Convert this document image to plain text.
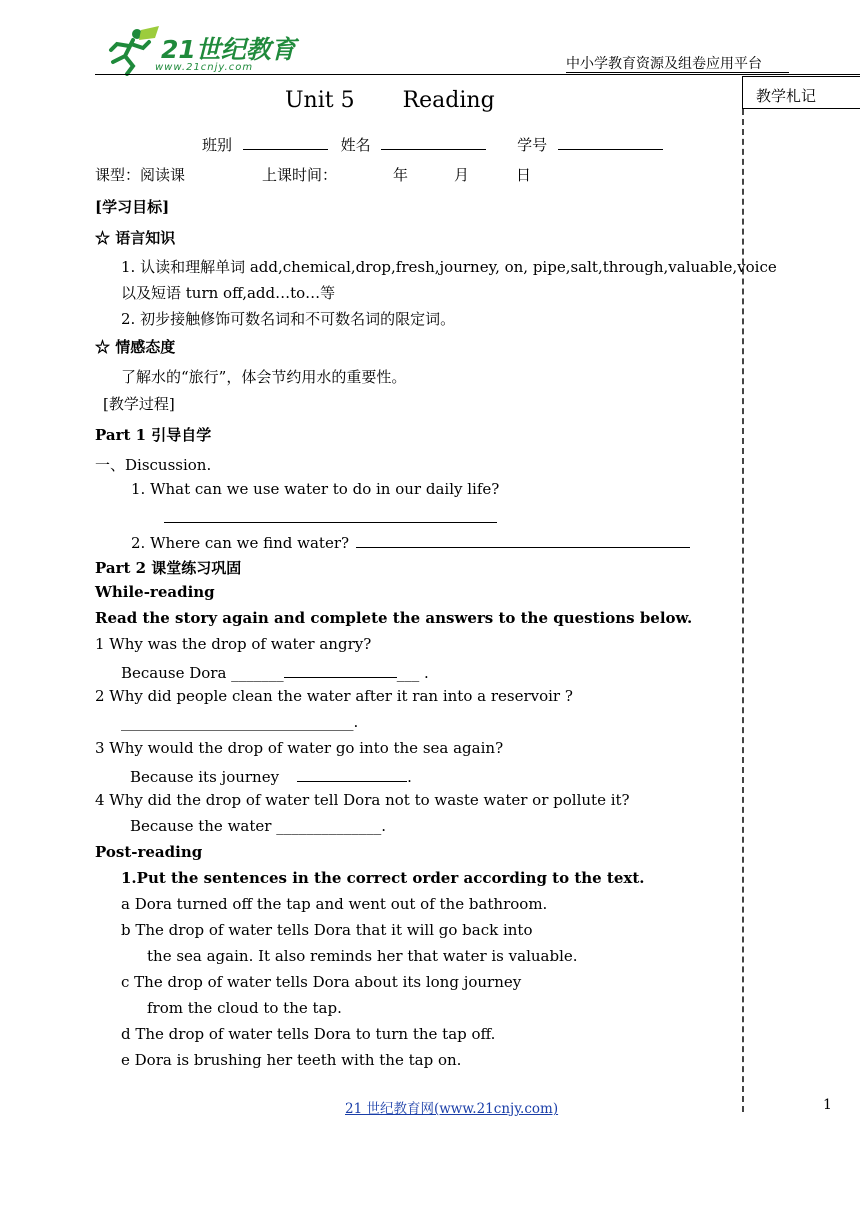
21世纪教育
www.21cnjy.com	中小学教育资源及组卷应用平台
教学札记
Unit 5 Reading
班别	姓名	学号
课型：阅读课	上课时间：	年	月	日
[学习目标]
☆ 语言知识
1. 认读和理解单词 add,chemical,drop,fresh,journey, on, pipe,salt,through,valuable,voice
以及短语 turn off,add…to…等
2. 初步接触修饰可数名词和不可数名词的限定词。
☆ 情感态度
了解水的“旅行”，体会节约用水的重要性。
[教学过程]
Part 1 引导自学
一、Discussion.
1. What can we use water to do in our daily life?
2. Where can we find water?
Part 2 课堂练习巩固
While-reading
Read the story again and complete the answers to the questions below.
1 Why was the drop of water angry?
Because Dora _______	___ .
2 Why did people clean the water after it ran into a reservoir ?
_______________________________.
3 Why would the drop of water go into the sea again?
Because its journey	.
4 Why did the drop of water tell Dora not to waste water or pollute it?
Because the water ______________.
Post-reading
1.Put the sentences in the correct order according to the text.
a Dora turned off the tap and went out of the bathroom.
b The drop of water tells Dora that it will go back into
the sea again. It also reminds her that water is valuable.
c The drop of water tells Dora about its long journey
from the cloud to the tap.
d The drop of water tells Dora to turn the tap off.
e Dora is brushing her teeth with the tap on.
21 世纪教育网(www.21cnjy.com)	1
